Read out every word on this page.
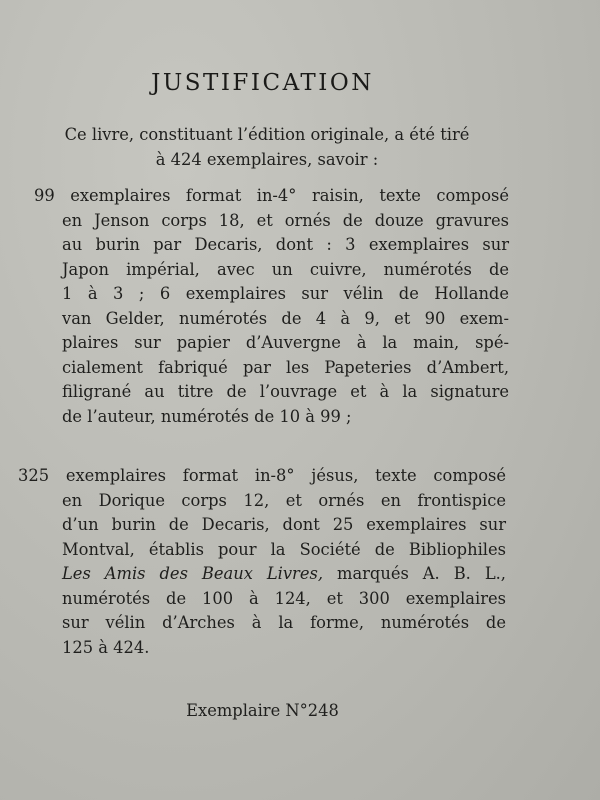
JUSTIFICATION

Ce livre, constituant l’édition originale, a été tiré
à 424 exemplaires, savoir :

99 exemplaires format in-4° raisin, texte composé
en Jenson corps 18, et ornés de douze gravures
au burin par Decaris, dont : 3 exemplaires sur
Japon impérial, avec un cuivre, numérotés de
1 à 3 ; 6 exemplaires sur vélin de Hollande
van Gelder, numérotés de 4 à 9, et 90 exem-
plaires sur papier d’Auvergne à la main, spé-
cialement fabriqué par les Papeteries d’Ambert,
filigrané au titre de l’ouvrage et à la signature
de l’auteur, numérotés de 10 à 99 ;

325 exemplaires format in-8° jésus, texte composé
en Dorique corps 12, et ornés en frontispice
d’un burin de Decaris, dont 25 exemplaires sur
Montval, établis pour la Société de Bibliophiles
Les Amis des Beaux Livres, marqués A. B. L.,
numérotés de 100 à 124, et 300 exemplaires
sur vélin d’Arches à la forme, numérotés de
125 à 424.

Exemplaire N°248
